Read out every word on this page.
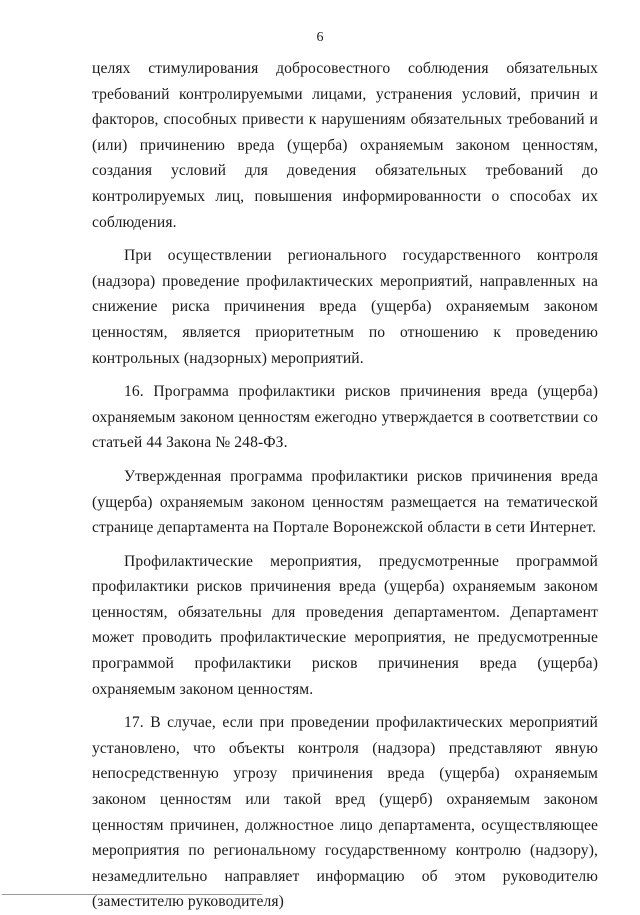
6

целях стимулирования добросовестного соблюдения обязательных требований контролируемыми лицами, устранения условий, причин и факторов, способных привести к нарушениям обязательных требований и (или) причинению вреда (ущерба) охраняемым законом ценностям, создания условий для доведения обязательных требований до контролируемых лиц, повышения информированности о способах их соблюдения.

При осуществлении регионального государственного контроля (надзора) проведение профилактических мероприятий, направленных на снижение риска причинения вреда (ущерба) охраняемым законом ценностям, является приоритетным по отношению к проведению контрольных (надзорных) мероприятий.

16. Программа профилактики рисков причинения вреда (ущерба) охраняемым законом ценностям ежегодно утверждается в соответствии со статьей 44 Закона № 248-ФЗ.

Утвержденная программа профилактики рисков причинения вреда (ущерба) охраняемым законом ценностям размещается на тематической странице департамента на Портале Воронежской области в сети Интернет.

Профилактические мероприятия, предусмотренные программой профилактики рисков причинения вреда (ущерба) охраняемым законом ценностям, обязательны для проведения департаментом. Департамент может проводить профилактические мероприятия, не предусмотренные программой профилактики рисков причинения вреда (ущерба) охраняемым законом ценностям.

17. В случае, если при проведении профилактических мероприятий установлено, что объекты контроля (надзора) представляют явную непосредственную угрозу причинения вреда (ущерба) охраняемым законом ценностям или такой вред (ущерб) охраняемым законом ценностям причинен, должностное лицо департамента, осуществляющее мероприятия по региональному государственному контролю (надзору), незамедлительно направляет информацию об этом руководителю (заместителю руководителя)
